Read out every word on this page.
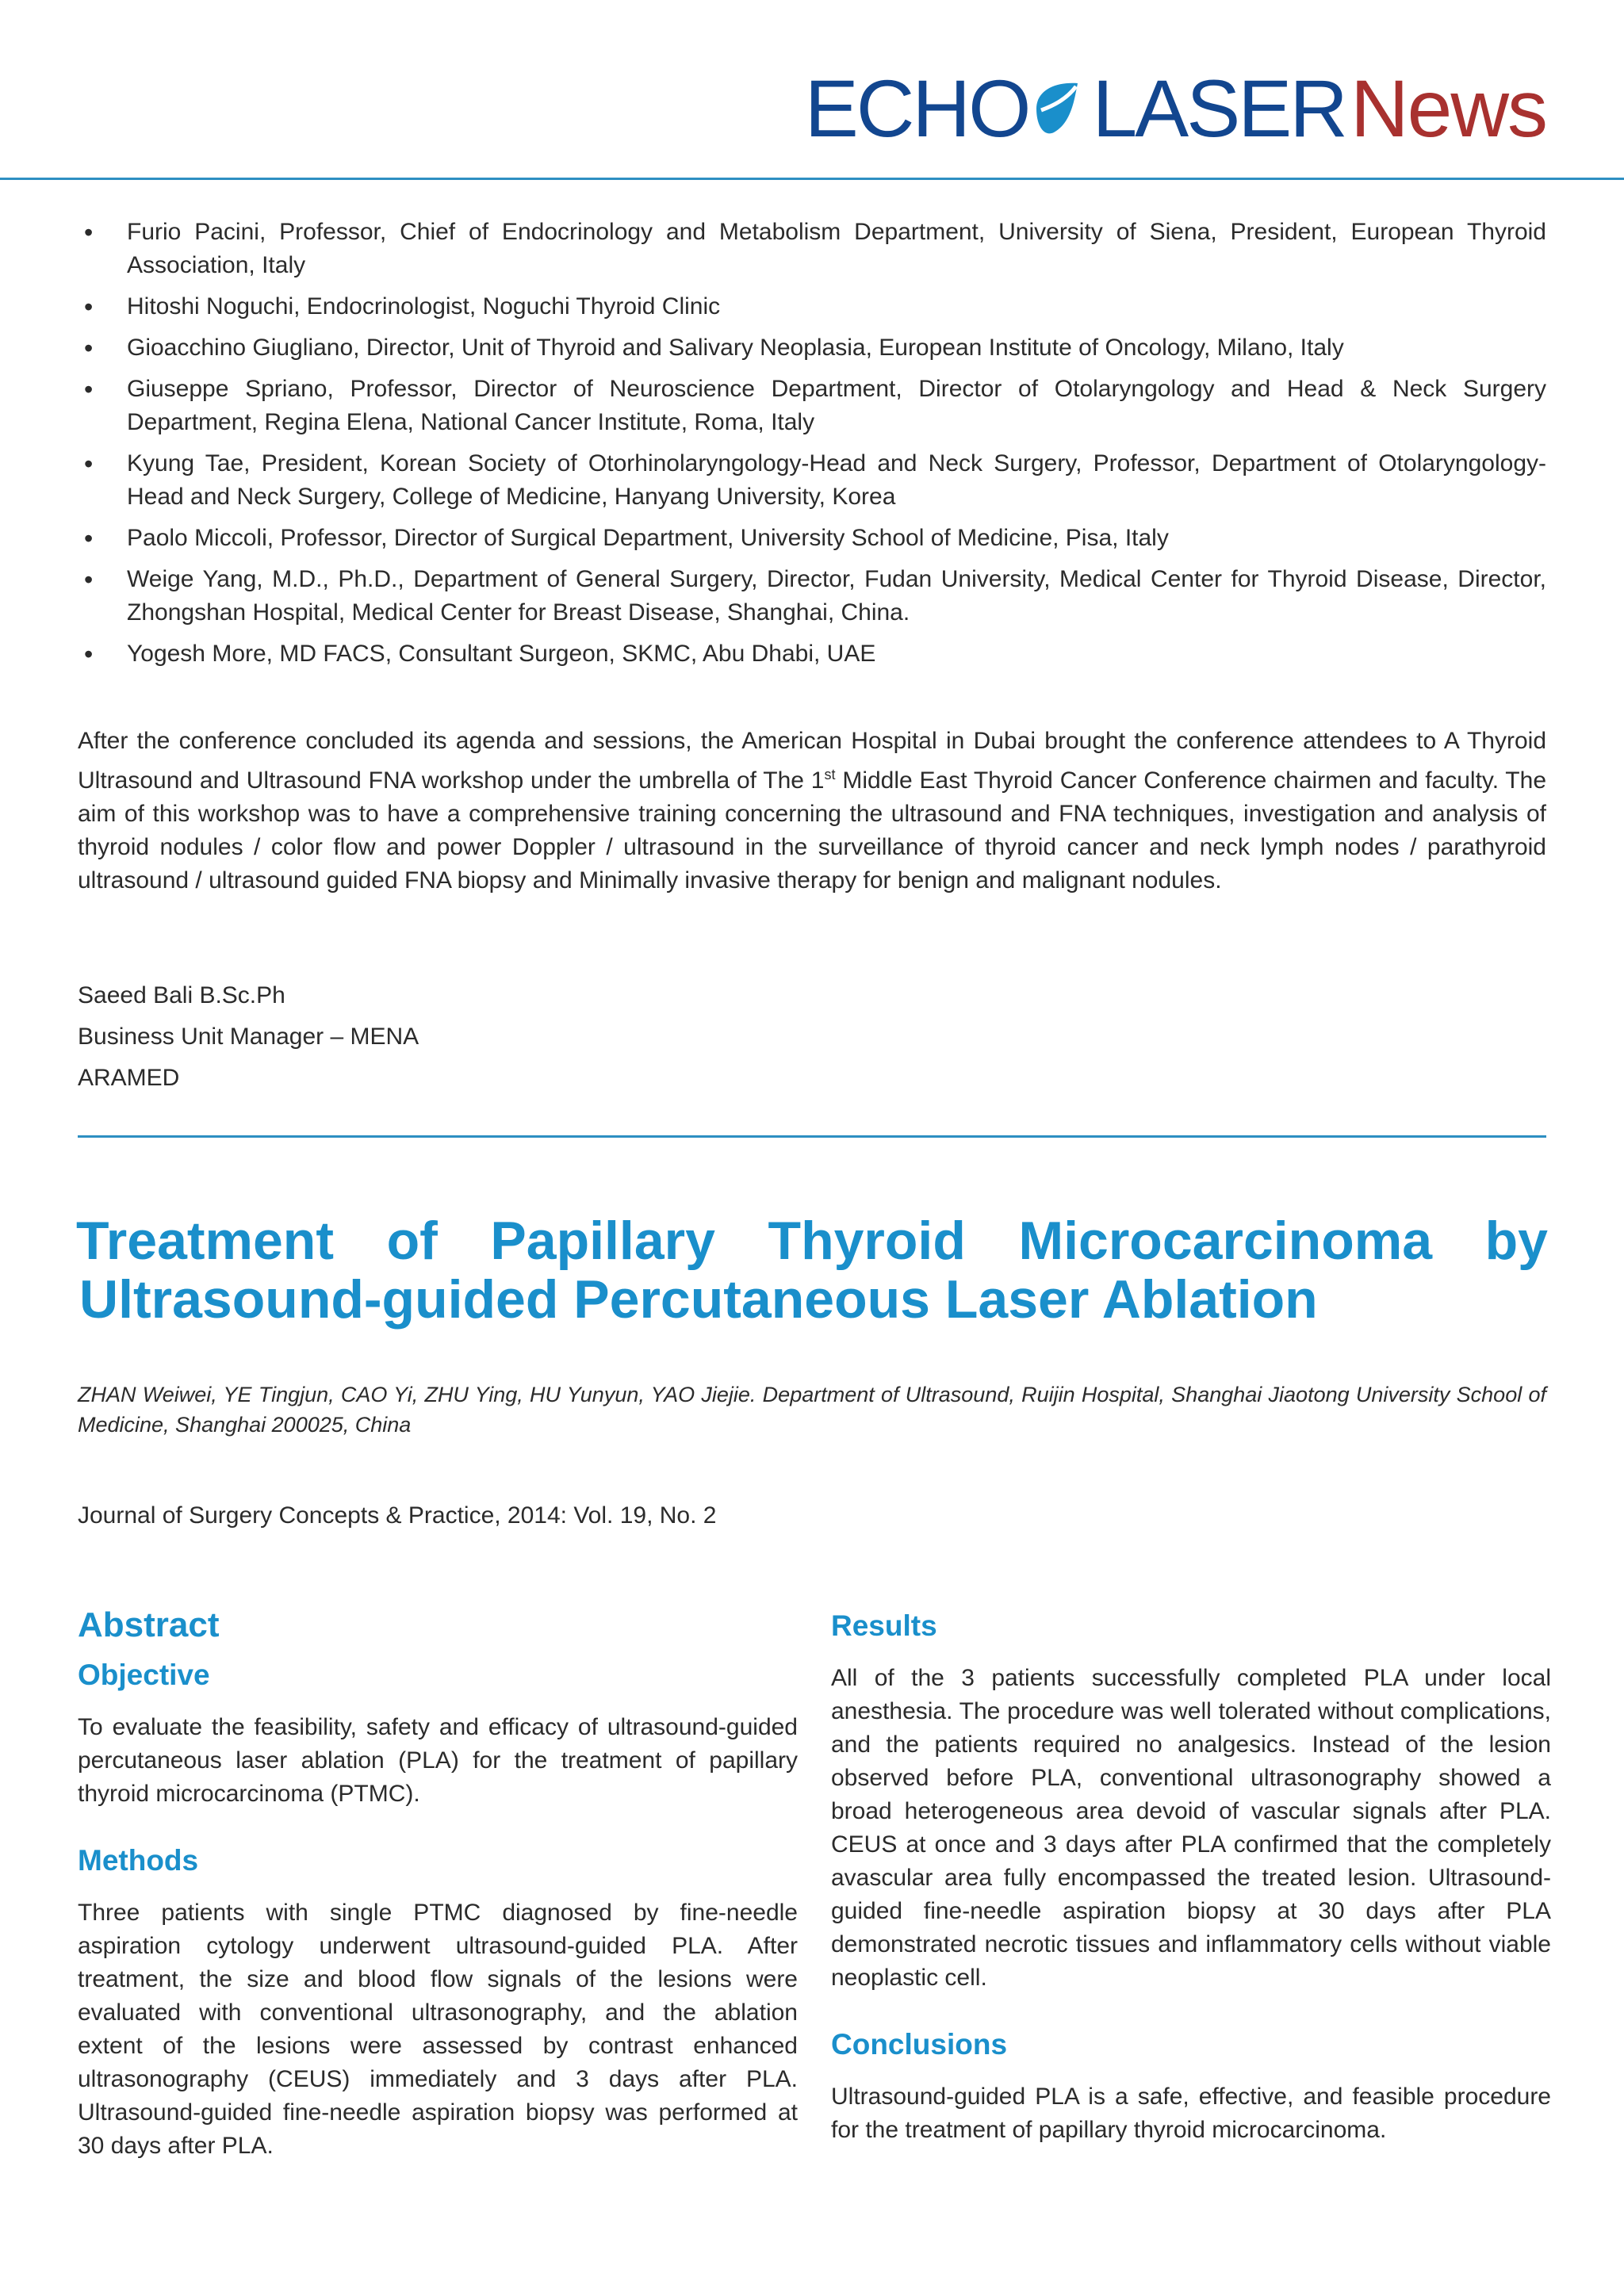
ECHO LASER News
• Furio Pacini, Professor, Chief of Endocrinology and Metabolism Department, University of Siena, President, European Thyroid Association, Italy
• Hitoshi Noguchi, Endocrinologist, Noguchi Thyroid Clinic
• Gioacchino Giugliano, Director, Unit of Thyroid and Salivary Neoplasia, European Institute of Oncology, Milano, Italy
• Giuseppe Spriano, Professor, Director of Neuroscience Department, Director of Otolaryngology and Head & Neck Surgery Department, Regina Elena, National Cancer Institute, Roma, Italy
• Kyung Tae, President, Korean Society of Otorhinolaryngology-Head and Neck Surgery, Professor, Department of Otolaryngology- Head and Neck Surgery, College of Medicine, Hanyang University, Korea
• Paolo Miccoli, Professor, Director of Surgical Department, University School of Medicine, Pisa, Italy
• Weige Yang, M.D., Ph.D., Department of General Surgery, Director, Fudan University, Medical Center for Thyroid Disease, Director, Zhongshan Hospital, Medical Center for Breast Disease, Shanghai, China.
• Yogesh More, MD FACS, Consultant Surgeon, SKMC, Abu Dhabi, UAE

After the conference concluded its agenda and sessions, the American Hospital in Dubai brought the conference attendees to A Thyroid Ultrasound and Ultrasound FNA workshop under the umbrella of The 1st Middle East Thyroid Cancer Conference chairmen and faculty. The aim of this workshop was to have a comprehensive training concerning the ultrasound and FNA techniques, investigation and analysis of thyroid nodules / color flow and power Doppler / ultrasound in the surveillance of thyroid cancer and neck lymph nodes / parathyroid ultrasound / ultrasound guided FNA biopsy and Minimally invasive therapy for benign and malignant nodules.

Saeed Bali B.Sc.Ph
Business Unit Manager – MENA
ARAMED
Treatment of Papillary Thyroid Microcarcinoma by
Ultrasound-guided Percutaneous Laser Ablation

ZHAN Weiwei, YE Tingjun, CAO Yi, ZHU Ying, HU Yunyun, YAO Jiejie. Department of Ultrasound, Ruijin Hospital, Shanghai Jiaotong University School of Medicine, Shanghai 200025, China

Journal of Surgery Concepts & Practice, 2014: Vol. 19, No. 2

Abstract
Objective

To evaluate the feasibility, safety and efficacy of ultrasound-guided percutaneous laser ablation (PLA) for the treatment of papillary thyroid microcarcinoma (PTMC).

Methods

Three patients with single PTMC diagnosed by fine-needle aspiration cytology underwent ultrasound-guided PLA. After treatment, the size and blood flow signals of the lesions were evaluated with conventional ultrasonography, and the ablation extent of the lesions were assessed by contrast enhanced ultrasonography (CEUS) immediately and 3 days after PLA. Ultrasound-guided fine-needle aspiration biopsy was performed at 30 days after PLA.

Results

All of the 3 patients successfully completed PLA under local anesthesia. The procedure was well tolerated without complications, and the patients required no analgesics. Instead of the lesion observed before PLA, conventional ultrasonography showed a broad heterogeneous area devoid of vascular signals after PLA. CEUS at once and 3 days after PLA confirmed that the completely avascular area fully encompassed the treated lesion. Ultrasound-guided fine-needle aspiration biopsy at 30 days after PLA demonstrated necrotic tissues and inflammatory cells without viable neoplastic cell.

Conclusions

Ultrasound-guided PLA is a safe, effective, and feasible procedure for the treatment of papillary thyroid microcarcinoma.
